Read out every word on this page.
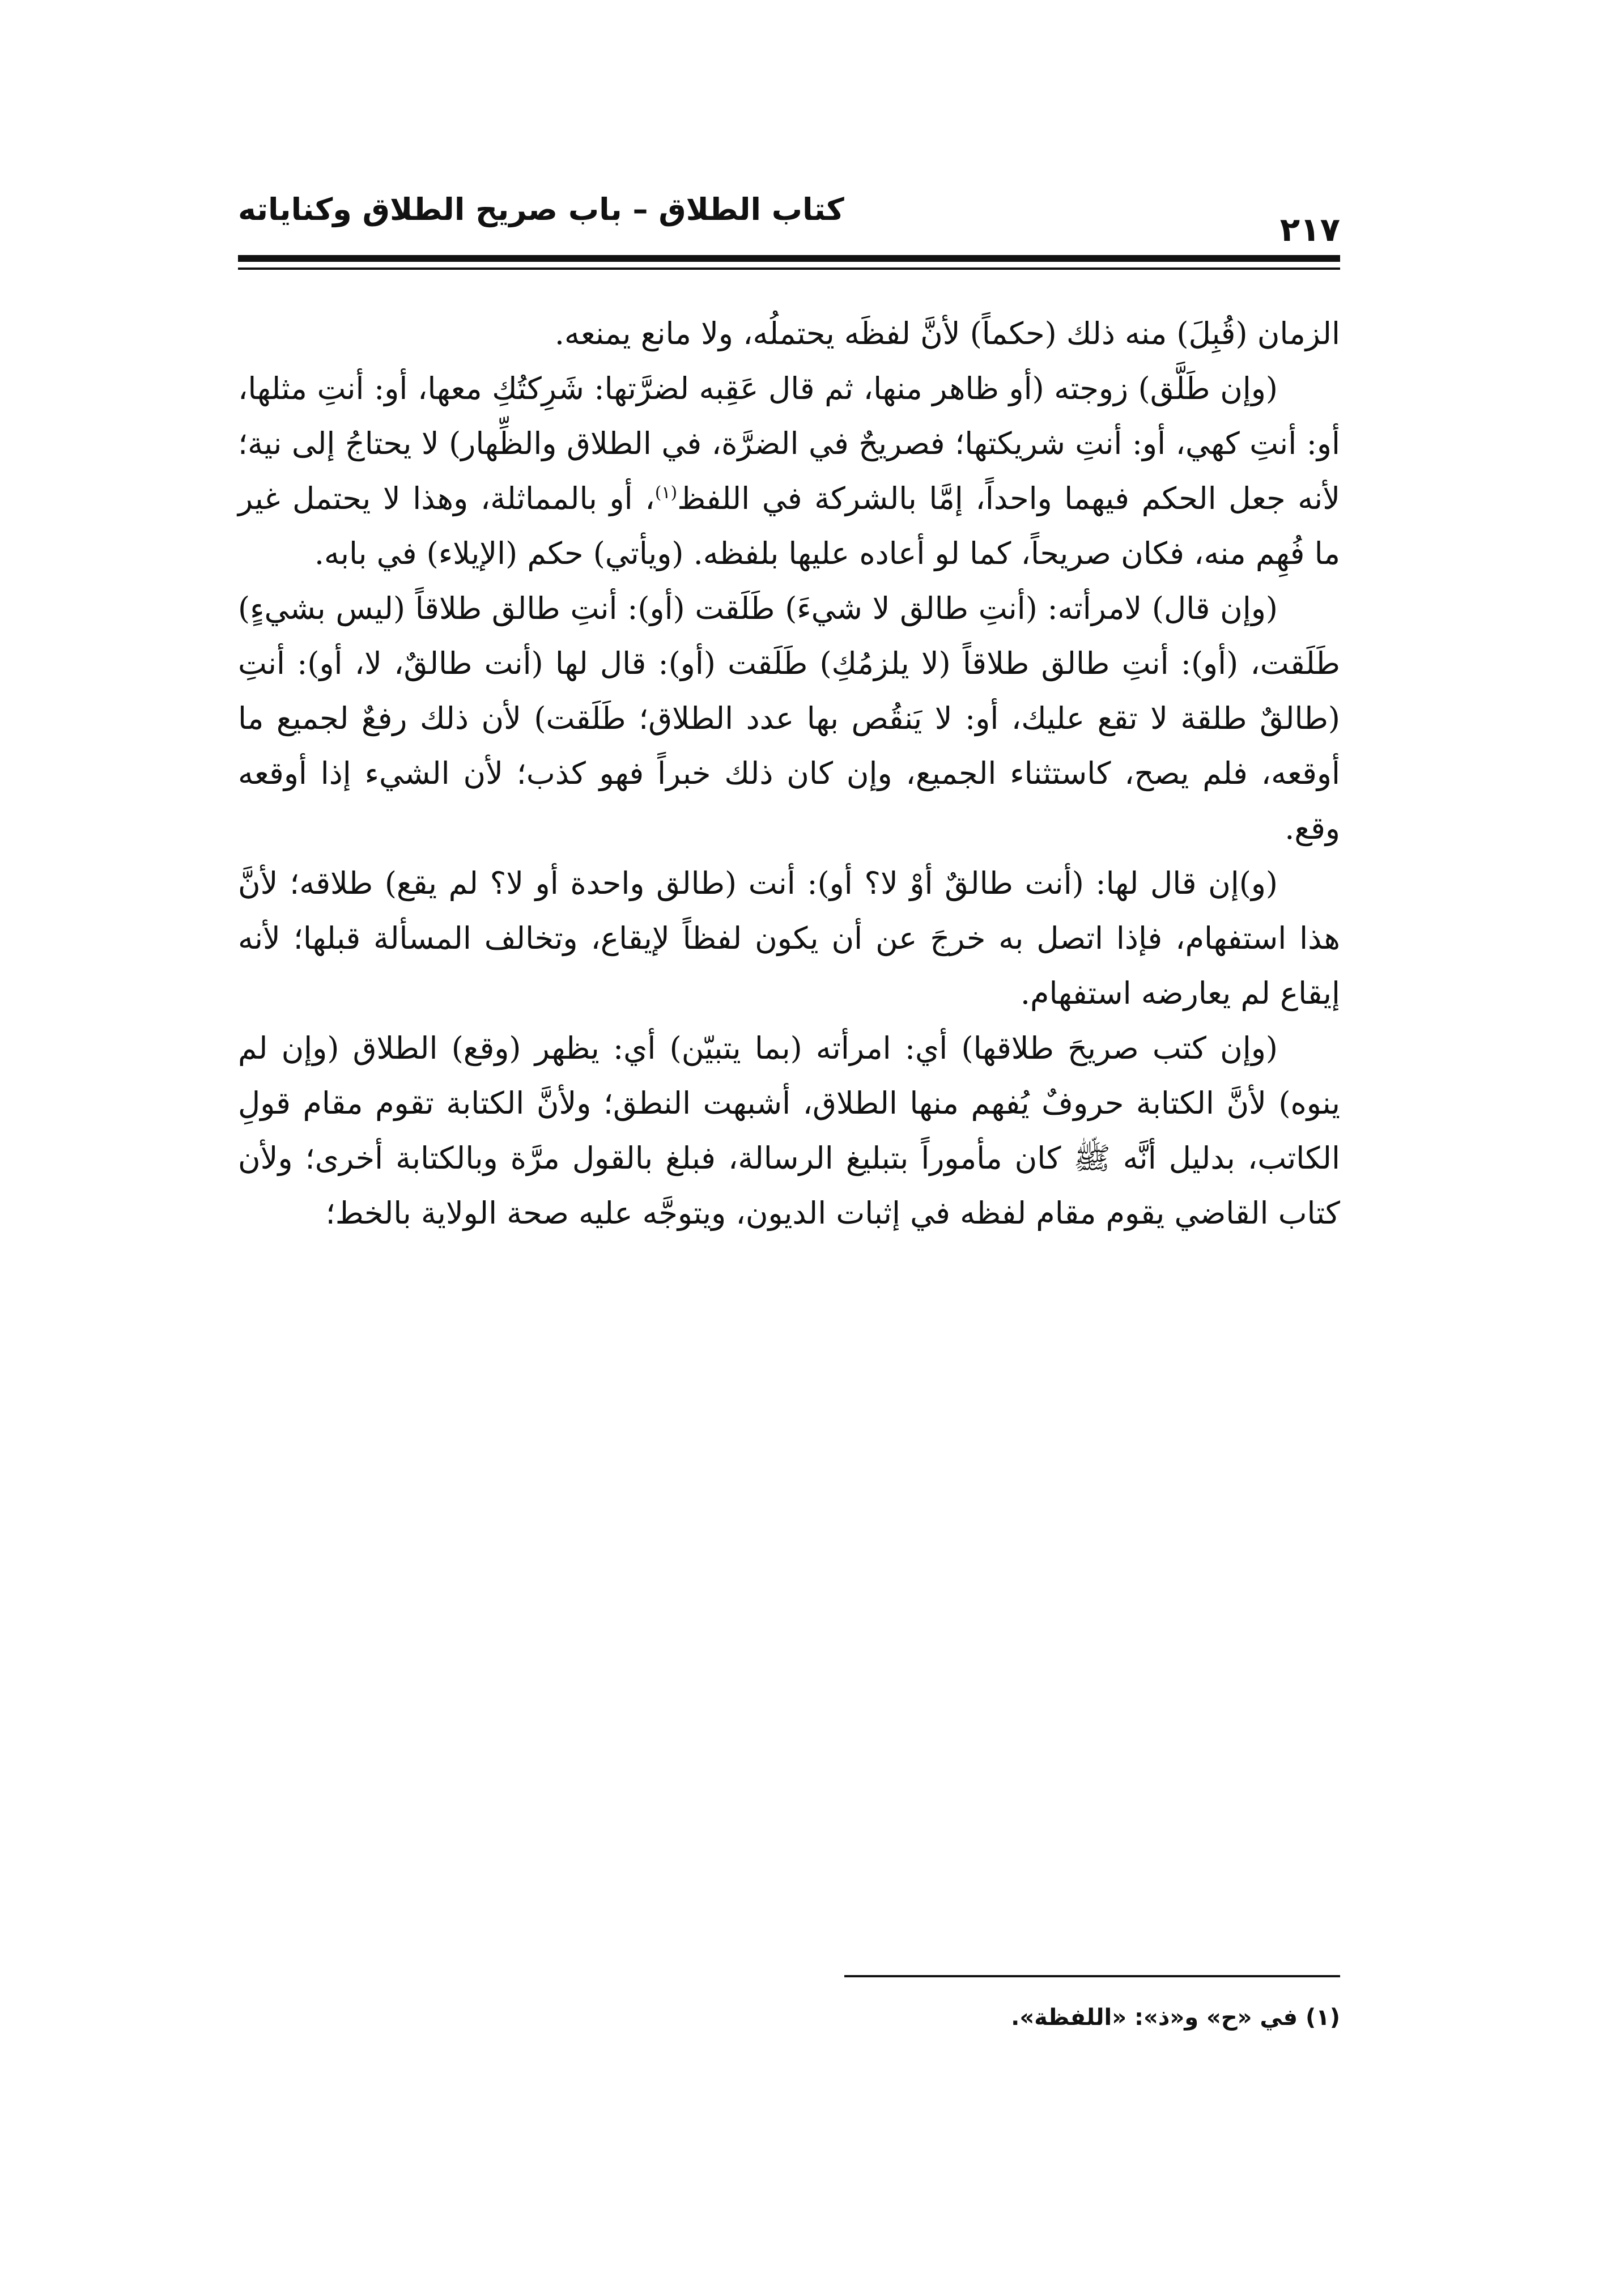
كتاب الطلاق – باب صريح الطلاق وكناياته
٢١٧

الزمان (قُبِلَ) منه ذلك (حكماً) لأنَّ لفظَه يحتملُه، ولا مانع يمنعه.

(وإن طَلَّق) زوجته (أو ظاهر منها، ثم قال عَقِبه لضرَّتها: شَرِكتُكِ معها، أو: أنتِ مثلها، أو: أنتِ كهي، أو: أنتِ شريكتها؛ فصريحٌ في الضرَّة، في الطلاق والظِّهار) لا يحتاجُ إلى نية؛ لأنه جعل الحكم فيهما واحداً، إمَّا بالشركة في اللفظ$^{(١)}$، أو بالمماثلة، وهذا لا يحتمل غير ما فُهِم منه، فكان صريحاً، كما لو أعاده عليها بلفظه. (ويأتي) حكم (الإيلاء) في بابه.

(وإن قال) لامرأته: (أنتِ طالق لا شيءَ) طَلَقت (أو): أنتِ طالق طلاقاً (ليس بشيءٍ) طَلَقت، (أو): أنتِ طالق طلاقاً (لا يلزمُكِ) طَلَقت (أو): قال لها (أنت طالقٌ، لا، أو): أنتِ (طالقٌ طلقة لا تقع عليك، أو: لا يَنقُص بها عدد الطلاق؛ طَلَقت) لأن ذلك رفعٌ لجميع ما أوقعه، فلم يصح، كاستثناء الجميع، وإن كان ذلك خبراً فهو كذب؛ لأن الشيء إذا أوقعه وقع.

(و)إن قال لها: (أنت طالقٌ أوْ لا؟ أو): أنت (طالق واحدة أو لا؟ لم يقع) طلاقه؛ لأنَّ هذا استفهام، فإذا اتصل به خرجَ عن أن يكون لفظاً لإيقاع، وتخالف المسألة قبلها؛ لأنه إيقاع لم يعارضه استفهام.

(وإن كتب صريحَ طلاقها) أي: امرأته (بما يتبيّن) أي: يظهر (وقع) الطلاق (وإن لم ينوه) لأنَّ الكتابة حروفٌ يُفهم منها الطلاق، أشبهت النطق؛ ولأنَّ الكتابة تقوم مقام قولِ الكاتب، بدليل أنَّه ﷺ كان مأموراً بتبليغ الرسالة، فبلغ بالقول مرَّة وبالكتابة أخرى؛ ولأن كتاب القاضي يقوم مقام لفظه في إثبات الديون، ويتوجَّه عليه صحة الولاية بالخط؛

(١) في «ح» و«ذ»: «اللفظة».
